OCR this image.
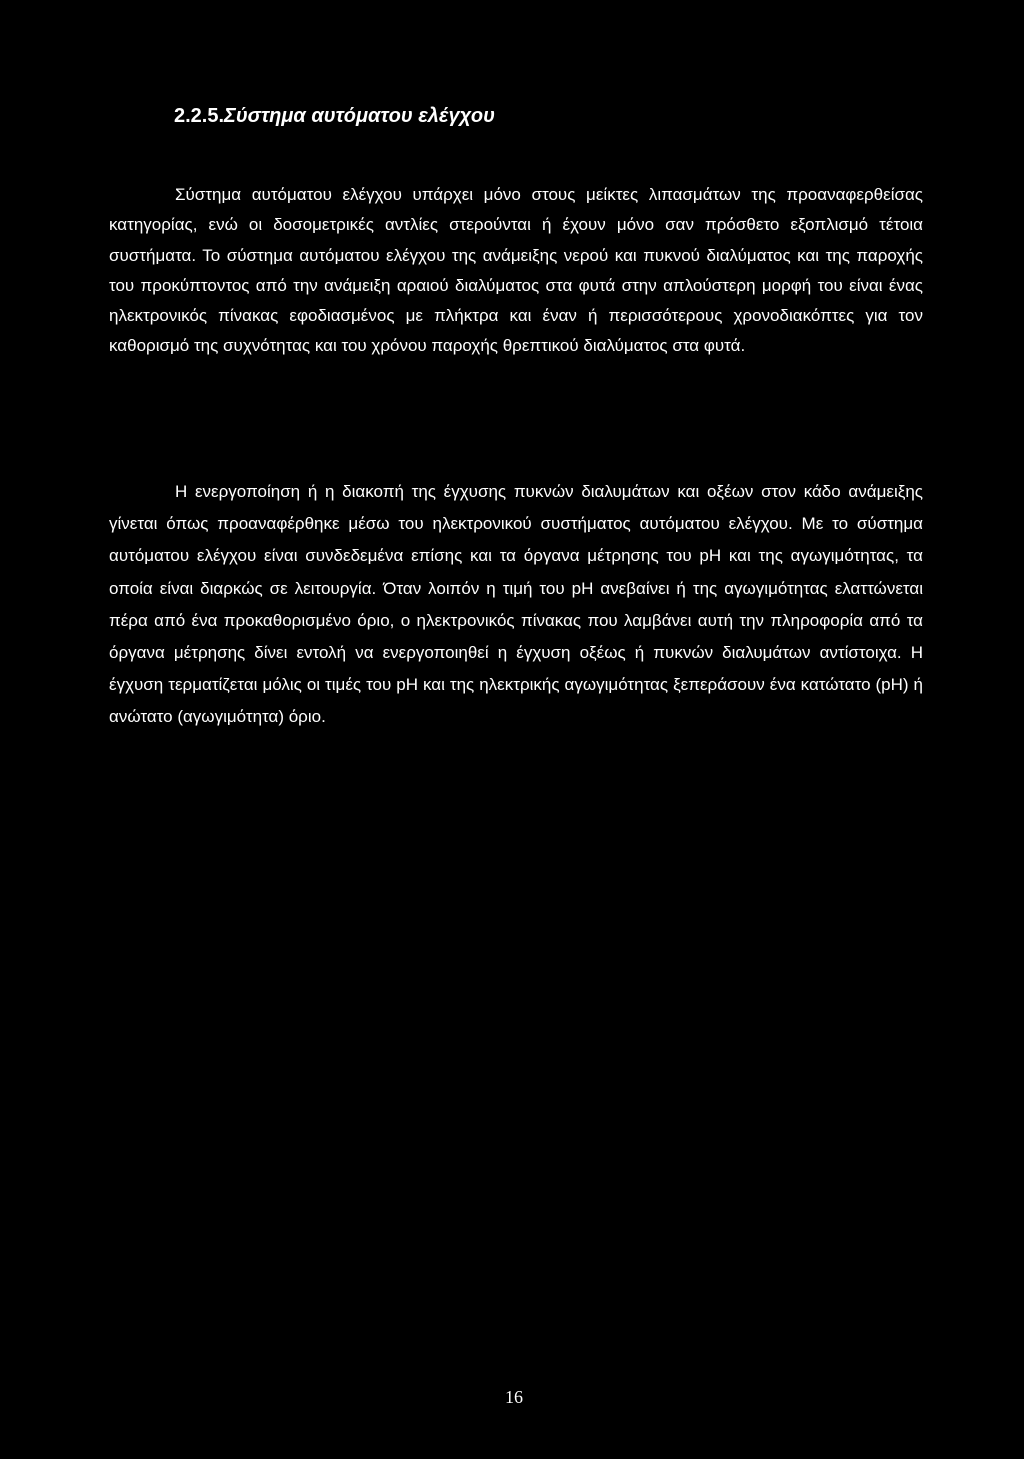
2.2.5.Σύστημα αυτόματου ελέγχου

Σύστημα αυτόματου ελέγχου υπάρχει μόνο στους μείκτες λιπασμάτων της προαναφερθείσας κατηγορίας, ενώ οι δοσομετρικές αντλίες στερούνται ή έχουν μόνο σαν πρόσθετο εξοπλισμό τέτοια συστήματα. Το σύστημα αυτόματου ελέγχου της ανάμειξης νερού και πυκνού διαλύματος και της παροχής του προκύπτοντος από την ανάμειξη αραιού διαλύματος στα φυτά στην απλούστερη μορφή του είναι ένας ηλεκτρονικός πίνακας εφοδιασμένος με πλήκτρα και έναν ή περισσότερους χρονοδιακόπτες για τον καθορισμό της συχνότητας και του χρόνου παροχής θρεπτικού διαλύματος στα φυτά.

Η ενεργοποίηση ή η διακοπή της έγχυσης πυκνών διαλυμάτων και οξέων στον κάδο ανάμειξης γίνεται όπως προαναφέρθηκε μέσω του ηλεκτρονικού συστήματος αυτόματου ελέγχου. Με το σύστημα αυτόματου ελέγχου είναι συνδεδεμένα επίσης και τα όργανα μέτρησης του pH και της αγωγιμότητας, τα οποία είναι διαρκώς σε λειτουργία. Όταν λοιπόν η τιμή του pH ανεβαίνει ή της αγωγιμότητας ελαττώνεται πέρα από ένα προκαθορισμένο όριο, ο ηλεκτρονικός πίνακας που λαμβάνει αυτή την πληροφορία από τα όργανα μέτρησης δίνει εντολή να ενεργοποιηθεί η έγχυση οξέως ή πυκνών διαλυμάτων αντίστοιχα. Η έγχυση τερματίζεται μόλις οι τιμές του pH και της ηλεκτρικής αγωγιμότητας ξεπεράσουν ένα κατώτατο (pH) ή ανώτατο (αγωγιμότητα) όριο.

16
